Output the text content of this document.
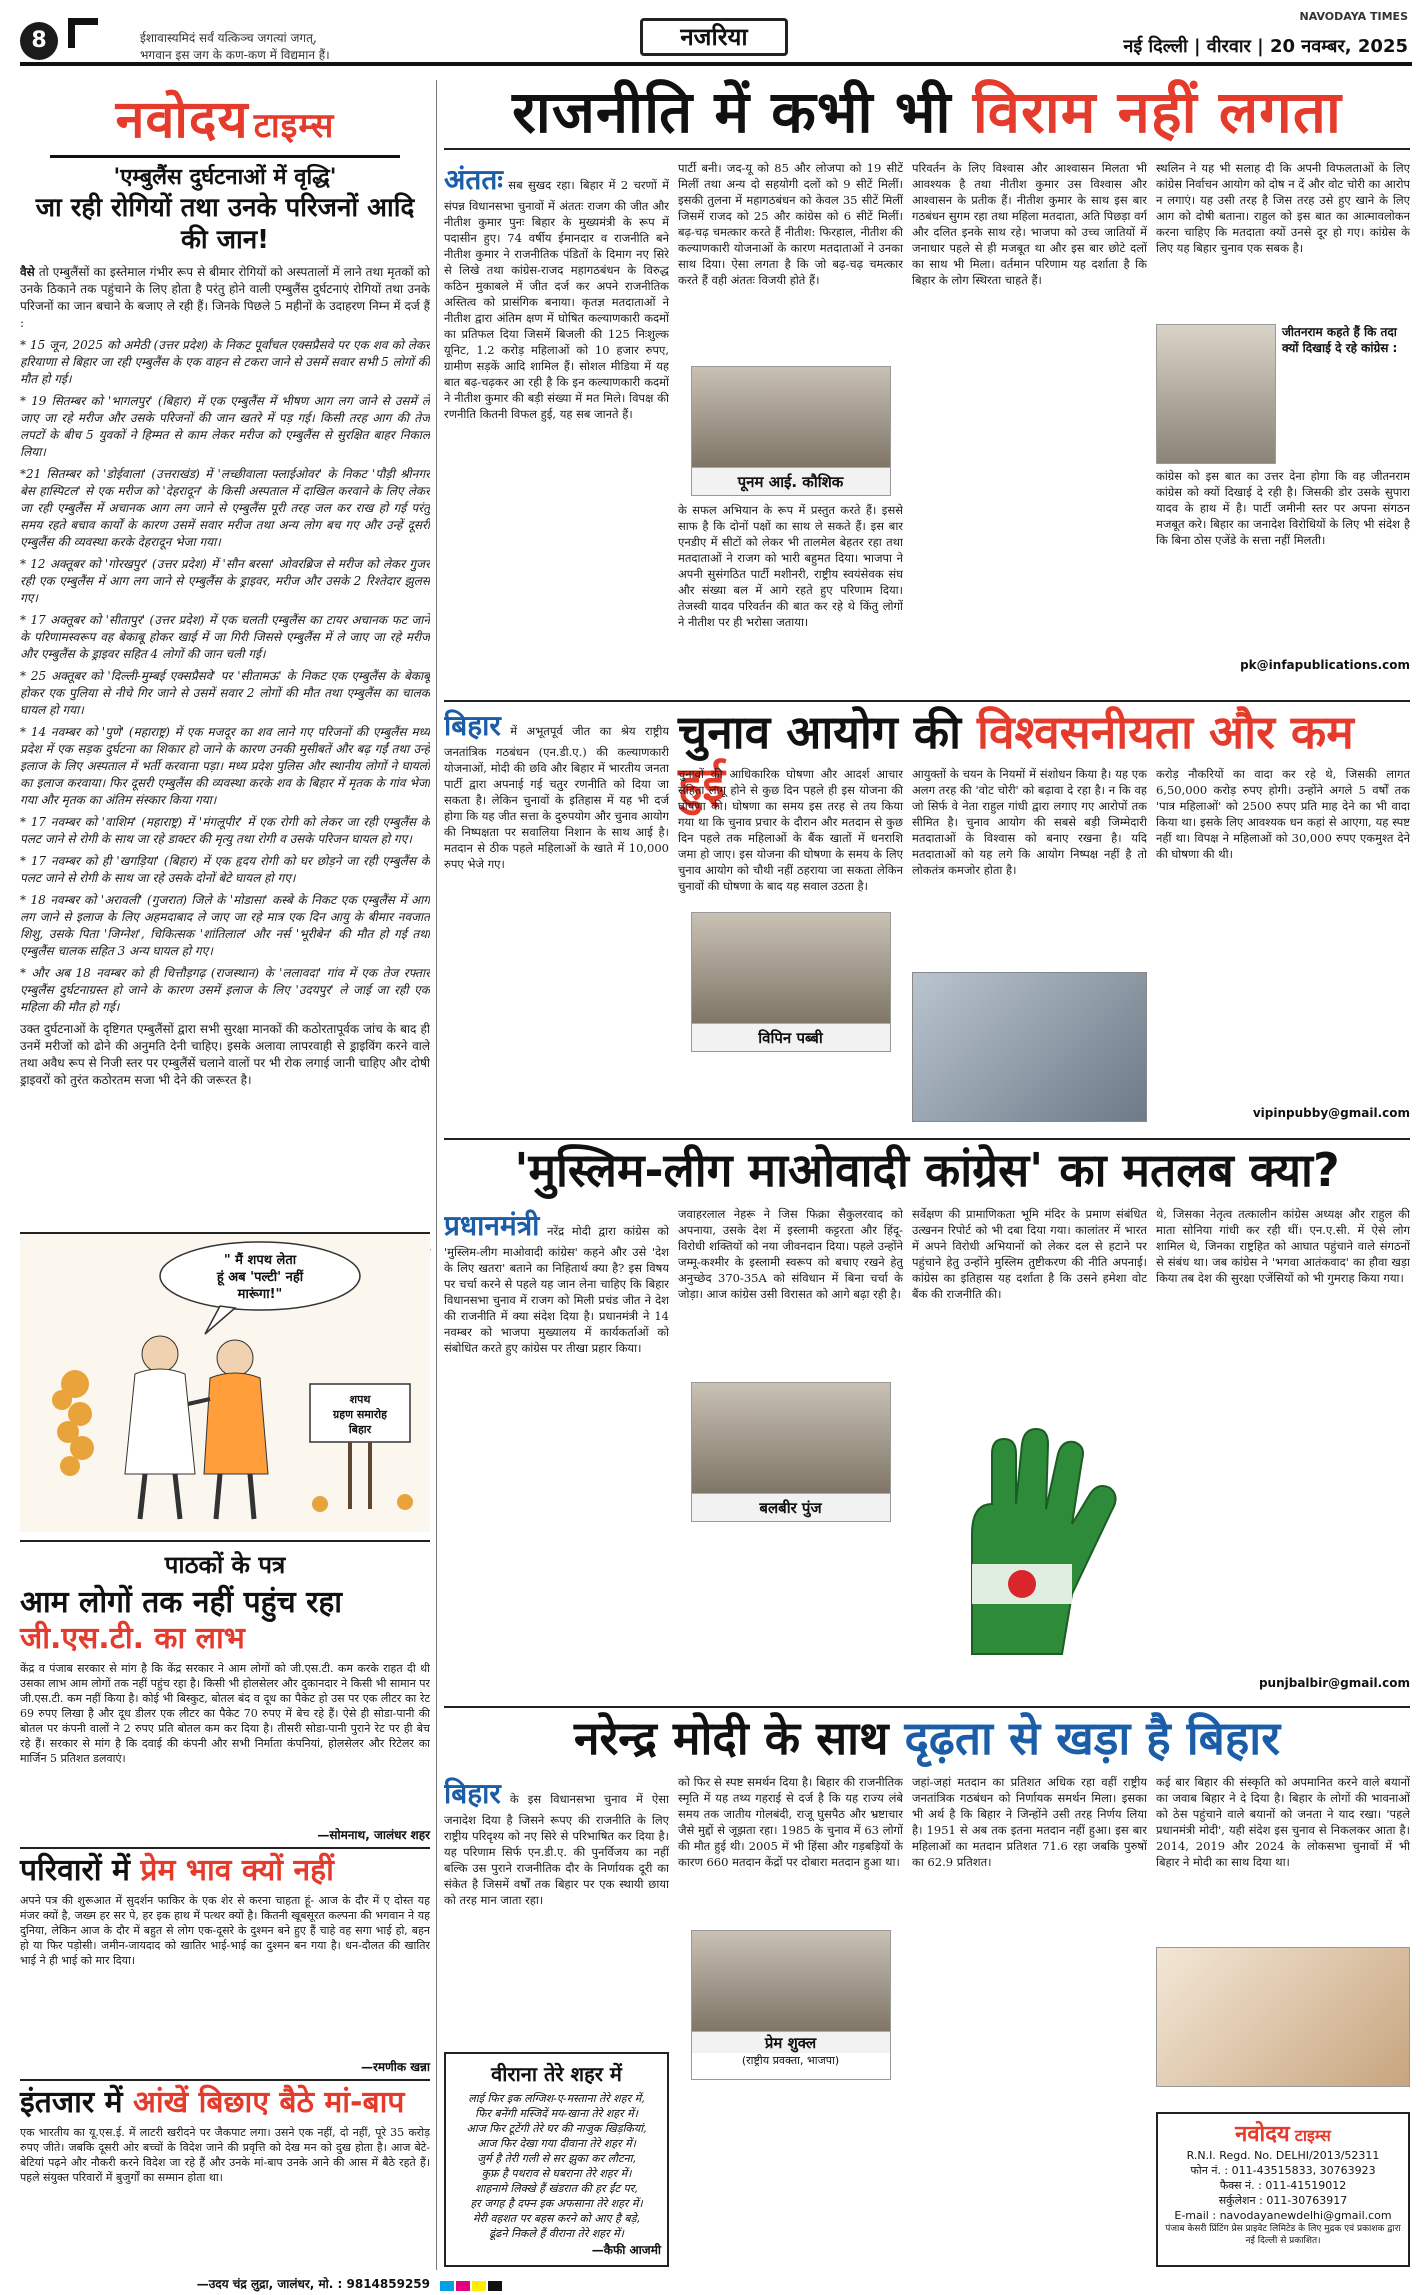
8	ईशावास्यमिदं सर्वं यत्किञ्च जगत्यां जगत्,
भगवान इस जग के कण-कण में विद्यमान हैं।
नजरिया
NAVODAYA TIMES
नई दिल्ली | वीरवार | 20 नवम्बर, 2025
नवोदय टाइम्स
'एम्बुलैंस दुर्घटनाओं में वृद्धि'
जा रही रोगियों तथा उनके परिजनों आदि की जान!

वैसे तो एम्बुलैंसों का इस्तेमाल गंभीर रूप से बीमार रोगियों को अस्पतालों में लाने तथा मृतकों को उनके ठिकाने तक पहुंचाने के लिए होता है परंतु होने वाली एम्बुलैंस दुर्घटनाएं रोगियों तथा उनके परिजनों का जान बचाने के बजाए ले रही हैं। जिनके पिछले 5 महीनों के उदाहरण निम्न में दर्ज हैं :

* 15 जून, 2025 को अमेठी (उत्तर प्रदेश) के निकट पूर्वांचल एक्सप्रैसवे पर एक शव को लेकर हरियाणा से बिहार जा रही एम्बुलैंस के एक वाहन से टकरा जाने से उसमें सवार सभी 5 लोगों की मौत हो गई।

* 19 सितम्बर को 'भागलपुर' (बिहार) में एक एम्बुलैंस में भीषण आग लग जाने से उसमें ले जाए जा रहे मरीज और उसके परिजनों की जान खतरे में पड़ गई। किसी तरह आग की तेज लपटों के बीच 5 युवकों ने हिम्मत से काम लेकर मरीज को एम्बुलैंस से सुरक्षित बाहर निकाल लिया।

*21 सितम्बर को 'डोईवाला' (उत्तराखंड) में 'लच्छीवाला फ्लाईओवर' के निकट 'पौड़ी श्रीनगर बेस हास्पिटल' से एक मरीज को 'देहरादून' के किसी अस्पताल में दाखिल करवाने के लिए लेकर जा रही एम्बुलैंस में अचानक आग लग जाने से एम्बुलैंस पूरी तरह जल कर राख हो गई परंतु समय रहते बचाव कार्यों के कारण उसमें सवार मरीज तथा अन्य लोग बच गए और उन्हें दूसरी एम्बुलैंस की व्यवस्था करके देहरादून भेजा गया।

* 12 अक्तूबर को 'गोरखपुर' (उत्तर प्रदेश) में 'सौन बरसा' ओवरब्रिज से मरीज को लेकर गुजर रही एक एम्बुलैंस में आग लग जाने से एम्बुलैंस के ड्राइवर, मरीज और उसके 2 रिश्तेदार झुलस गए।

* 17 अक्तूबर को 'सीतापुर' (उत्तर प्रदेश) में एक चलती एम्बुलैंस का टायर अचानक फट जाने के परिणामस्वरूप वह बेकाबू होकर खाई में जा गिरी जिससे एम्बुलैंस में ले जाए जा रहे मरीज और एम्बुलैंस के ड्राइवर सहित 4 लोगों की जान चली गई।

* 25 अक्तूबर को 'दिल्ली-मुम्बई एक्सप्रैसवे' पर 'सीतामऊ' के निकट एक एम्बुलैंस के बेकाबू होकर एक पुलिया से नीचे गिर जाने से उसमें सवार 2 लोगों की मौत तथा एम्बुलैंस का चालक घायल हो गया।

* 14 नवम्बर को 'पुणे' (महाराष्ट्र) में एक मजदूर का शव लाने गए परिजनों की एम्बुलैंस मध्य प्रदेश में एक सड़क दुर्घटना का शिकार हो जाने के कारण उनकी मुसीबतें और बढ़ गईं तथा उन्हें इलाज के लिए अस्पताल में भर्ती करवाना पड़ा। मध्य प्रदेश पुलिस और स्थानीय लोगों ने घायलों का इलाज करवाया। फिर दूसरी एम्बुलैंस की व्यवस्था करके शव के बिहार में मृतक के गांव भेजा गया और मृतक का अंतिम संस्कार किया गया।

* 17 नवम्बर को 'वाशिम' (महाराष्ट्र) में 'मंगलूपीर' में एक रोगी को लेकर जा रही एम्बुलैंस के पलट जाने से रोगी के साथ जा रहे डाक्टर की मृत्यु तथा रोगी व उसके परिजन घायल हो गए।

* 17 नवम्बर को ही 'खगड़िया' (बिहार) में एक हृदय रोगी को घर छोड़ने जा रही एम्बुलैंस के पलट जाने से रोगी के साथ जा रहे उसके दोनों बेटे घायल हो गए।

* 18 नवम्बर को 'अरावली' (गुजरात) जिले के 'मोडासा' कस्बे के निकट एक एम्बुलैंस में आग लग जाने से इलाज के लिए अहमदाबाद ले जाए जा रहे मात्र एक दिन आयु के बीमार नवजात शिशु, उसके पिता 'जिग्नेश', चिकित्सक 'शांतिलाल' और नर्स 'भूरीबेन' की मौत हो गई तथा एम्बुलैंस चालक सहित 3 अन्य घायल हो गए।

* और अब 18 नवम्बर को ही चित्तौड़गढ़ (राजस्थान) के 'ललावदा' गांव में एक तेज रफ्तार एम्बुलैंस दुर्घटनाग्रस्त हो जाने के कारण उसमें इलाज के लिए 'उदयपुर' ले जाई जा रही एक महिला की मौत हो गई।

उक्त दुर्घटनाओं के दृष्टिगत एम्बुलैंसों द्वारा सभी सुरक्षा मानकों की कठोरतापूर्वक जांच के बाद ही उनमें मरीजों को ढोने की अनुमति देनी चाहिए। इसके अलावा लापरवाही से ड्राइविंग करने वाले तथा अवैध रूप से निजी स्तर पर एम्बुलैंसें चलाने वालों पर भी रोक लगाई जानी चाहिए और दोषी ड्राइवरों को तुरंत कठोरतम सजा भी देने की जरूरत है।

" मैं शपथ लेता
हूं अब 'पल्टी' नहीं
मारूंगा!"
शपथ
ग्रहण समारोह
बिहार
पाठकों के पत्र
आम लोगों तक नहीं पहुंच रहा जी.एस.टी. का लाभ
केंद्र व पंजाब सरकार से मांग है कि केंद्र सरकार ने आम लोगों को जी.एस.टी. कम करके राहत दी थी उसका लाभ आम लोगों तक नहीं पहुंच रहा है। किसी भी होलसेलर और दुकानदार ने किसी भी सामान पर जी.एस.टी. कम नहीं किया है। कोई भी बिस्कुट, बोतल बंद व दूध का पैकेट हो उस पर एक लीटर का रेट 69 रुपए लिखा है और दूध डीलर एक लीटर का पैकेट 70 रुपए में बेच रहे हैं। ऐसे ही सोडा-पानी की बोतल पर कंपनी वालों ने 2 रुपए प्रति बोतल कम कर दिया है। तीसरी सोडा-पानी पुराने रेट पर ही बेच रहे हैं। सरकार से मांग है कि दवाई की कंपनी और सभी निर्माता कंपनियां, होलसेलर और रिटेलर का मार्जिन 5 प्रतिशत डलवाएं।
—सोमनाथ, जालंधर शहर
परिवारों में प्रेम भाव क्यों नहीं
अपने पत्र की शुरूआत में सुदर्शन फाकिर के एक शेर से करना चाहता हूं- आज के दौर में ए दोस्त यह मंजर क्यों है, जख्म हर सर पे, हर इक हाथ में पत्थर क्यों है। कितनी खूबसूरत कल्पना की भगवान ने यह दुनिया, लेकिन आज के दौर में बहुत से लोग एक-दूसरे के दुश्मन बने हुए हैं चाहे वह सगा भाई हो, बहन हो या फिर पड़ोसी। जमीन-जायदाद को खातिर भाई-भाई का दुश्मन बन गया है। धन-दौलत की खातिर भाई ने ही भाई को मार दिया।
—रमणीक खन्ना
इंतजार में आंखें बिछाए बैठे मां-बाप
एक भारतीय का यू.एस.ई. में लाटरी खरीदने पर जैकपाट लगा। उसने एक नहीं, दो नहीं, पूरे 35 करोड़ रुपए जीते। जबकि दूसरी ओर बच्चों के विदेश जाने की प्रवृत्ति को देख मन को दुख होता है। आज बेटे-बेटियां पढ़ने और नौकरी करने विदेश जा रहे हैं और उनके मां-बाप उनके आने की आस में बैठे रहते हैं। पहले संयुक्त परिवारों में बुजुर्गों का सम्मान होता था।
—उदय चंद्र लुद्रा, जालंधर, मो. : 9814859259
राजनीति में कभी भी विराम नहीं लगता
अंततः सब सुखद रहा। बिहार में 2 चरणों में संपन्न विधानसभा चुनावों में अंततः राजग की जीत और नीतीश कुमार पुनः बिहार के मुख्यमंत्री के रूप में पदासीन हुए। 74 वर्षीय ईमानदार व राजनीति बने नीतीश कुमार ने राजनीतिक पंडितों के दिमाग नए सिरे से लिखे तथा कांग्रेस-राजद महागठबंधन के विरुद्ध कठिन मुकाबले में जीत दर्ज कर अपने राजनीतिक अस्तित्व को प्रासंगिक बनाया। कृतज्ञ मतदाताओं ने नीतीश द्वारा अंतिम क्षण में घोषित कल्याणकारी कदमों का प्रतिफल दिया जिसमें बिजली की 125 निःशुल्क यूनिट, 1.2 करोड़ महिलाओं को 10 हजार रुपए, ग्रामीण सड़कें आदि शामिल हैं। सोशल मीडिया में यह बात बढ़-चढ़कर आ रही है कि इन कल्याणकारी कदमों ने नीतीश कुमार की बड़ी संख्या में मत मिले। विपक्ष की रणनीति कितनी विफल हुई, यह सब जानते हैं।
पार्टी बनी। जद-यू को 85 और लोजपा को 19 सीटें मिलीं तथा अन्य दो सहयोगी दलों को 9 सीटें मिलीं। इसकी तुलना में महागठबंधन को केवल 35 सीटें मिलीं जिसमें राजद को 25 और कांग्रेस को 6 सीटें मिलीं। बढ़-चढ़ चमत्कार करते हैं नीतीश: फिरहाल, नीतीश की कल्याणकारी योजनाओं के कारण मतदाताओं ने उनका साथ दिया। ऐसा लगता है कि जो बढ़-चढ़ चमत्कार करते हैं वही अंततः विजयी होते हैं।
पूनम आई. कौशिक
के सफल अभियान के रूप में प्रस्तुत करते हैं। इससे साफ है कि दोनों पक्षों का साथ ले सकते हैं। इस बार एनडीए में सीटों को लेकर भी तालमेल बेहतर रहा तथा मतदाताओं ने राजग को भारी बहुमत दिया। भाजपा ने अपनी सुसंगठित पार्टी मशीनरी, राष्ट्रीय स्वयंसेवक संघ और संख्या बल में आगे रहते हुए परिणाम दिया। तेजस्वी यादव परिवर्तन की बात कर रहे थे किंतु लोगों ने नीतीश पर ही भरोसा जताया।
परिवर्तन के लिए विश्वास और आश्वासन मिलता भी आवश्यक है तथा नीतीश कुमार उस विश्वास और आश्वासन के प्रतीक हैं। नीतीश कुमार के साथ इस बार गठबंधन सुगम रहा तथा महिला मतदाता, अति पिछड़ा वर्ग और दलित इनके साथ रहे। भाजपा को उच्च जातियों में जनाधार पहले से ही मजबूत था और इस बार छोटे दलों का साथ भी मिला। वर्तमान परिणाम यह दर्शाता है कि बिहार के लोग स्थिरता चाहते हैं।
स्थलिन ने यह भी सलाह दी कि अपनी विफलताओं के लिए कांग्रेस निर्वाचन आयोग को दोष न दें और वोट चोरी का आरोप न लगाएं। यह उसी तरह है जिस तरह उसे हुए खाने के लिए आग को दोषी बताना। राहुल को इस बात का आत्मावलोकन करना चाहिए कि मतदाता क्यों उनसे दूर हो गए। कांग्रेस के लिए यह बिहार चुनाव एक सबक है।
जीतनराम कहते हैं कि तदा क्यों दिखाई दे रहे कांग्रेस :
कांग्रेस को इस बात का उत्तर देना होगा कि वह जीतनराम कांग्रेस को क्यों दिखाई दे रही है। जिसकी डोर उसके सुपारा यादव के हाथ में है। पार्टी जमीनी स्तर पर अपना संगठन मजबूत करे। बिहार का जनादेश विरोधियों के लिए भी संदेश है कि बिना ठोस एजेंडे के सत्ता नहीं मिलती।
pk@infapublications.com
बिहार में अभूतपूर्व जीत का श्रेय राष्ट्रीय जनतांत्रिक गठबंधन (एन.डी.ए.) की कल्याणकारी योजनाओं, मोदी की छवि और बिहार में भारतीय जनता पार्टी द्वारा अपनाई गई चतुर रणनीति को दिया जा सकता है। लेकिन चुनावों के इतिहास में यह भी दर्ज होगा कि यह जीत सत्ता के दुरुपयोग और चुनाव आयोग की निष्पक्षता पर सवालिया निशान के साथ आई है। मतदान से ठीक पहले महिलाओं के खाते में 10,000 रुपए भेजे गए।
चुनाव आयोग की विश्वसनीयता और कम हुई
चुनावों की आधिकारिक घोषणा और आदर्श आचार संहिता लागू होने से कुछ दिन पहले ही इस योजना की घोषणा की। घोषणा का समय इस तरह से तय किया गया था कि चुनाव प्रचार के दौरान और मतदान से कुछ दिन पहले तक महिलाओं के बैंक खातों में धनराशि जमा हो जाए। इस योजना की घोषणा के समय के लिए चुनाव आयोग को चौथी नहीं ठहराया जा सकता लेकिन चुनावों की घोषणा के बाद यह सवाल उठता है।
विपिन पब्बी
आयुक्तों के चयन के नियमों में संशोधन किया है। यह एक अलग तरह की 'वोट चोरी' को बढ़ावा दे रहा है। न कि वह जो सिर्फ वे नेता राहुल गांधी द्वारा लगाए गए आरोपों तक सीमित है। चुनाव आयोग की सबसे बड़ी जिम्मेदारी मतदाताओं के विश्वास को बनाए रखना है। यदि मतदाताओं को यह लगे कि आयोग निष्पक्ष नहीं है तो लोकतंत्र कमजोर होता है।
करोड़ नौकरियों का वादा कर रहे थे, जिसकी लागत 6,50,000 करोड़ रुपए होगी। उन्होंने अगले 5 वर्षों तक 'पात्र महिलाओं' को 2500 रुपए प्रति माह देने का भी वादा किया था। इसके लिए आवश्यक धन कहां से आएगा, यह स्पष्ट नहीं था। विपक्ष ने महिलाओं को 30,000 रुपए एकमुश्त देने की घोषणा की थी।
vipinpubby@gmail.com
'मुस्लिम-लीग माओवादी कांग्रेस' का मतलब क्या?
प्रधानमंत्री नरेंद्र मोदी द्वारा कांग्रेस को 'मुस्लिम-लीग माओवादी कांग्रेस' कहने और उसे 'देश के लिए खतरा' बताने का निहितार्थ क्या है? इस विषय पर चर्चा करने से पहले यह जान लेना चाहिए कि बिहार विधानसभा चुनाव में राजग को मिली प्रचंड जीत ने देश की राजनीति में क्या संदेश दिया है। प्रधानमंत्री ने 14 नवम्बर को भाजपा मुख्यालय में कार्यकर्ताओं को संबोधित करते हुए कांग्रेस पर तीखा प्रहार किया।
जवाहरलाल नेहरू ने जिस फिक्रा सैकुलरवाद को अपनाया, उसके देश में इस्लामी कट्टरता और हिंदू-विरोधी शक्तियों को नया जीवनदान दिया। पहले उन्होंने जम्मू-कश्मीर के इस्लामी स्वरूप को बचाए रखने हेतु अनुच्छेद 370-35A को संविधान में बिना चर्चा के जोड़ा। आज कांग्रेस उसी विरासत को आगे बढ़ा रही है।
बलबीर पुंज
सर्वेक्षण की प्रामाणिकता भूमि मंदिर के प्रमाण संबंधित उत्खनन रिपोर्ट को भी दबा दिया गया। कालांतर में भारत में अपने विरोधी अभियानों को लेकर दल से हटाने पर पहुंचाने हेतु उन्होंने मुस्लिम तुष्टीकरण की नीति अपनाई। कांग्रेस का इतिहास यह दर्शाता है कि उसने हमेशा वोट बैंक की राजनीति की।
थे, जिसका नेतृत्व तत्कालीन कांग्रेस अध्यक्ष और राहुल की माता सोनिया गांधी कर रही थीं। एन.ए.सी. में ऐसे लोग शामिल थे, जिनका राष्ट्रहित को आघात पहुंचाने वाले संगठनों से संबंध था। जब कांग्रेस ने 'भगवा आतंकवाद' का हौवा खड़ा किया तब देश की सुरक्षा एजेंसियों को भी गुमराह किया गया।
punjbalbir@gmail.com
नरेन्द्र मोदी के साथ दृढ़ता से खड़ा है बिहार
बिहार के इस विधानसभा चुनाव में ऐसा जनादेश दिया है जिसने रूपए की राजनीति के लिए राष्ट्रीय परिदृश्य को नए सिरे से परिभाषित कर दिया है। यह परिणाम सिर्फ एन.डी.ए. की पुनर्विजय का नहीं बल्कि उस पुराने राजनीतिक दौर के निर्णायक दूरी का संकेत है जिसमें वर्षों तक बिहार पर एक स्थायी छाया को तरह मान जाता रहा।
को फिर से स्पष्ट समर्थन दिया है। बिहार की राजनीतिक स्मृति में यह तथ्य गहराई से दर्ज है कि यह राज्य लंबे समय तक जातीय गोलबंदी, राजू घुसपैठ और भ्रष्टाचार जैसे मुद्दों से जूझता रहा। 1985 के चुनाव में 63 लोगों की मौत हुई थी। 2005 में भी हिंसा और गड़बड़ियों के कारण 660 मतदान केंद्रों पर दोबारा मतदान हुआ था।
प्रेम शुक्ल
(राष्ट्रीय प्रवक्ता, भाजपा)
जहां-जहां मतदान का प्रतिशत अधिक रहा वहीं राष्ट्रीय जनतांत्रिक गठबंधन को निर्णायक समर्थन मिला। इसका भी अर्थ है कि बिहार ने जिन्होंने उसी तरह निर्णय लिया है। 1951 से अब तक इतना मतदान नहीं हुआ। इस बार महिलाओं का मतदान प्रतिशत 71.6 रहा जबकि पुरुषों का 62.9 प्रतिशत।
कई बार बिहार की संस्कृति को अपमानित करने वाले बयानों का जवाब बिहार ने दे दिया है। बिहार के लोगों की भावनाओं को ठेस पहुंचाने वाले बयानों को जनता ने याद रखा। 'पहले प्रधानमंत्री मोदी', यही संदेश इस चुनाव से निकलकर आता है। 2014, 2019 और 2024 के लोकसभा चुनावों में भी बिहार ने मोदी का साथ दिया था।
वीराना तेरे शहर में
लाई फिर इक लग्जिश-ए-मस्ताना तेरे शहर में,
फिर बनेंगी मस्जिदें मय-खाना तेरे शहर में।
आज फिर टूटेंगी तेरे घर की नाजुक खिड़कियां,
आज फिर देखा गया दीवाना तेरे शहर में।
जुर्म है तेरी गली से सर झुका कर लौटना,
कुफ्र है पथराव से घबराना तेरे शहर में।
शाहनामे लिक्खे हैं खंडरात की हर ईंट पर,
हर जगह है दफ्न इक अफसाना तेरे शहर में।
मेरी वहशत पर बहस करने को आए है बड़े,
ढूंढने निकले हैं वीराना तेरे शहर में।
—कैफी आजमी
नवोदय टाइम्स
R.N.I. Regd. No. DELHI/2013/52311
फोन नं. : 011-43515833, 30763923
फैक्स नं. : 011-41519012
सर्कुलेशन : 011-30763917
E-mail : navodayanewdelhi@gmail.com
पंजाब केसरी प्रिंटिंग प्रेस प्राइवेट लिमिटेड के लिए मुद्रक एवं प्रकाशक द्वारा नई दिल्ली से प्रकाशित।
